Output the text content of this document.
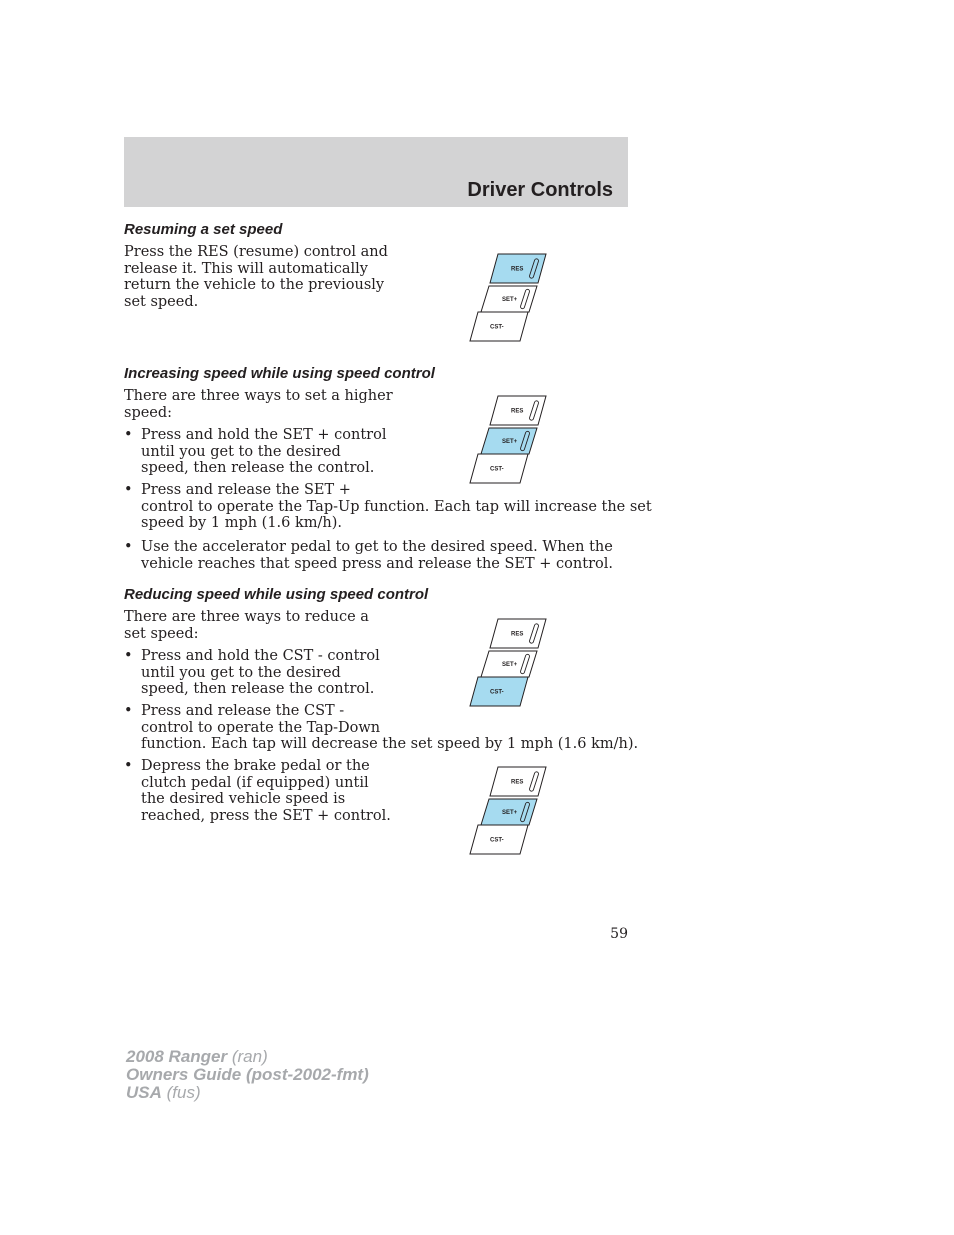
Driver Controls
Resuming a set speed
Press the RES (resume) control and
release it. This will automatically
return the vehicle to the previously
set speed.
Increasing speed while using speed control
There are three ways to set a higher
speed:
• Press and hold the SET + control
until you get to the desired
speed, then release the control.
• Press and release the SET +
control to operate the Tap-Up function. Each tap will increase the set
speed by 1 mph (1.6 km/h).
• Use the accelerator pedal to get to the desired speed. When the
vehicle reaches that speed press and release the SET + control.
Reducing speed while using speed control
There are three ways to reduce a
set speed:
• Press and hold the CST - control
until you get to the desired
speed, then release the control.
• Press and release the CST -
control to operate the Tap-Down
function. Each tap will decrease the set speed by 1 mph (1.6 km/h).
• Depress the brake pedal or the
clutch pedal (if equipped) until
the desired vehicle speed is
reached, press the SET + control.
RES
SET+
CST-
RES
SET+
CST-
RES
SET+
CST-
RES
SET+
CST-
59
2008 Ranger (ran)
Owners Guide (post-2002-fmt)
USA (fus)
